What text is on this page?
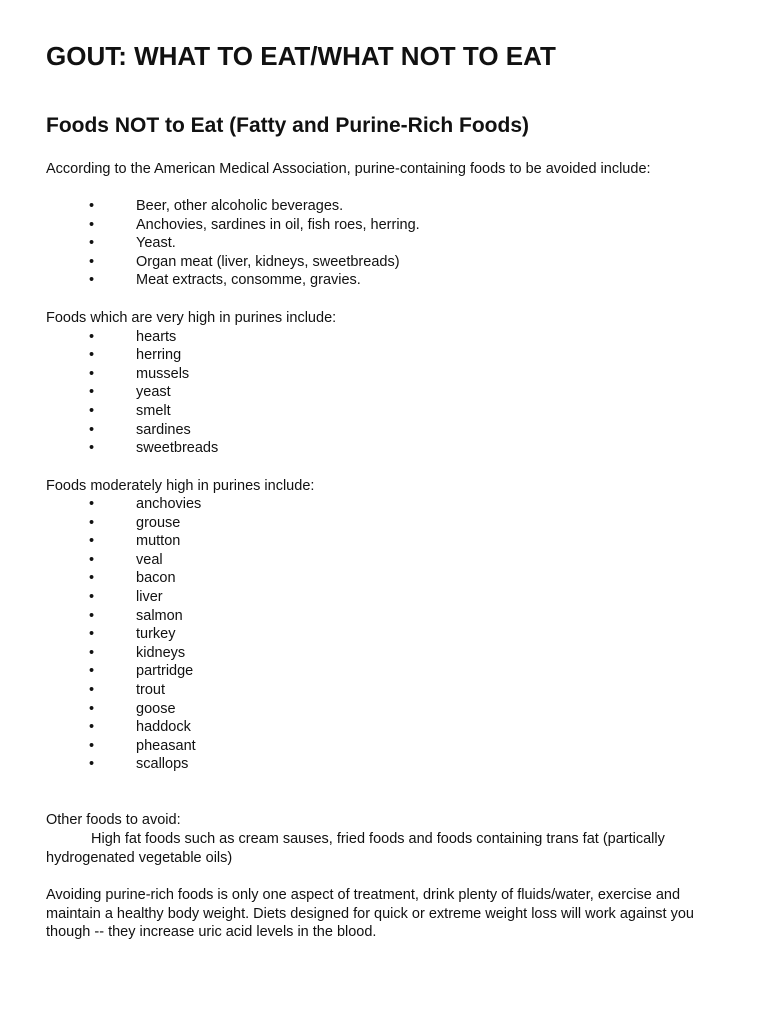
GOUT: WHAT TO EAT/WHAT NOT TO EAT
Foods NOT to Eat (Fatty and Purine-Rich Foods)

According to the American Medical Association, purine-containing foods to be avoided include:

•	Beer, other alcoholic beverages.
•	Anchovies, sardines in oil, fish roes, herring.
•	Yeast.
•	Organ meat (liver, kidneys, sweetbreads)
•	Meat extracts, consomme, gravies.

Foods which are very high in purines include:

•	hearts
•	herring
•	mussels
•	yeast
•	smelt
•	sardines
•	sweetbreads

Foods moderately high in purines include:

•	anchovies
•	grouse
•	mutton
•	veal
•	bacon
•	liver
•	salmon
•	turkey
•	kidneys
•	partridge
•	trout
•	goose
•	haddock
•	pheasant
•	scallops

Other foods to avoid:

High fat foods such as cream sauses, fried foods and foods containing trans fat (partically hydrogenated vegetable oils)

Avoiding purine-rich foods is only one aspect of treatment, drink plenty of fluids/water, exercise and maintain a healthy body weight. Diets designed for quick or extreme weight loss will work against you though -- they increase uric acid levels in the blood.
